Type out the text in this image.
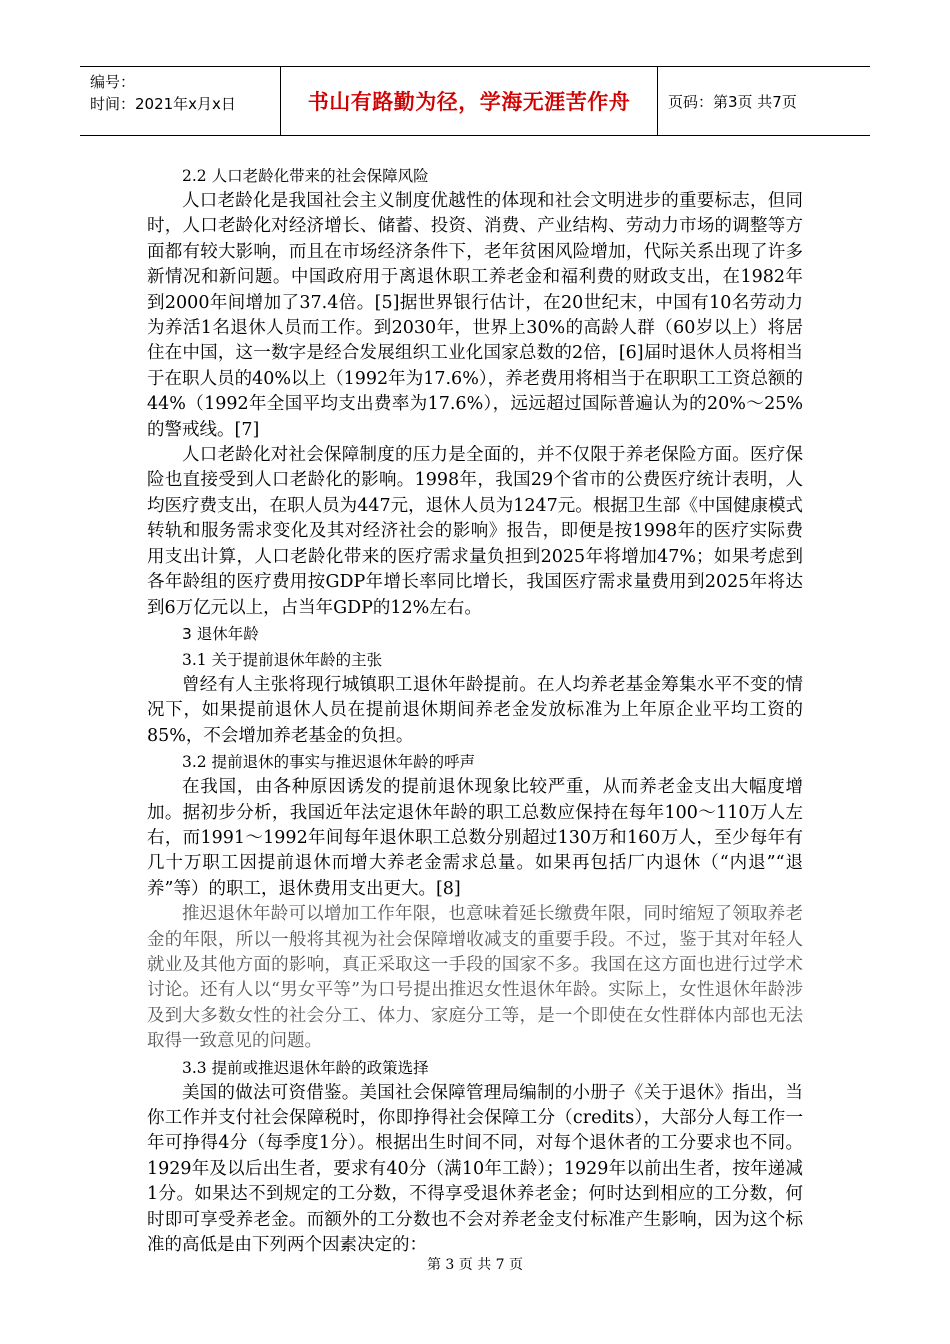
编号：
时间：2021年x月x日	书山有路勤为径，学海无涯苦作舟	页码：第3页 共7页
2.2 人口老龄化带来的社会保障风险

人口老龄化是我国社会主义制度优越性的体现和社会文明进步的重要标志，但同时，人口老龄化对经济增长、储蓄、投资、消费、产业结构、劳动力市场的调整等方面都有较大影响，而且在市场经济条件下，老年贫困风险增加，代际关系出现了许多新情况和新问题。中国政府用于离退休职工养老金和福利费的财政支出，在1982年到2000年间增加了37.4倍。[5]据世界银行估计，在20世纪末，中国有10名劳动力为养活1名退休人员而工作。到2030年，世界上30%的高龄人群（60岁以上）将居住在中国，这一数字是经合发展组织工业化国家总数的2倍，[6]届时退休人员将相当于在职人员的40%以上（1992年为17.6%），养老费用将相当于在职职工工资总额的44%（1992年全国平均支出费率为17.6%），远远超过国际普遍认为的20%～25%的警戒线。[7]

人口老龄化对社会保障制度的压力是全面的，并不仅限于养老保险方面。医疗保险也直接受到人口老龄化的影响。1998年，我国29个省市的公费医疗统计表明，人均医疗费支出，在职人员为447元，退休人员为1247元。根据卫生部《中国健康模式转轨和服务需求变化及其对经济社会的影响》报告，即便是按1998年的医疗实际费用支出计算，人口老龄化带来的医疗需求量负担到2025年将增加47%；如果考虑到各年龄组的医疗费用按GDP年增长率同比增长，我国医疗需求量费用到2025年将达到6万亿元以上，占当年GDP的12%左右。

3 退休年龄
3.1 关于提前退休年龄的主张

曾经有人主张将现行城镇职工退休年龄提前。在人均养老基金筹集水平不变的情况下，如果提前退休人员在提前退休期间养老金发放标准为上年原企业平均工资的85%，不会增加养老基金的负担。

3.2 提前退休的事实与推迟退休年龄的呼声

在我国，由各种原因诱发的提前退休现象比较严重，从而养老金支出大幅度增加。据初步分析，我国近年法定退休年龄的职工总数应保持在每年100～110万人左右，而1991～1992年间每年退休职工总数分别超过130万和160万人，至少每年有几十万职工因提前退休而增大养老金需求总量。如果再包括厂内退休（“内退”“退养”等）的职工，退休费用支出更大。[8]

推迟退休年龄可以增加工作年限，也意味着延长缴费年限，同时缩短了领取养老金的年限，所以一般将其视为社会保障增收减支的重要手段。不过，鉴于其对年轻人就业及其他方面的影响，真正采取这一手段的国家不多。我国在这方面也进行过学术讨论。还有人以“男女平等”为口号提出推迟女性退休年龄。实际上，女性退休年龄涉及到大多数女性的社会分工、体力、家庭分工等，是一个即使在女性群体内部也无法取得一致意见的问题。

3.3 提前或推迟退休年龄的政策选择

美国的做法可资借鉴。美国社会保障管理局编制的小册子《关于退休》指出，当你工作并支付社会保障税时，你即挣得社会保障工分（credits），大部分人每工作一年可挣得4分（每季度1分）。根据出生时间不同，对每个退休者的工分要求也不同。1929年及以后出生者，要求有40分（满10年工龄）；1929年以前出生者，按年递减1分。如果达不到规定的工分数，不得享受退休养老金；何时达到相应的工分数，何时即可享受养老金。而额外的工分数也不会对养老金支付标准产生影响，因为这个标准的高低是由下列两个因素决定的：

第 3 页 共 7 页
